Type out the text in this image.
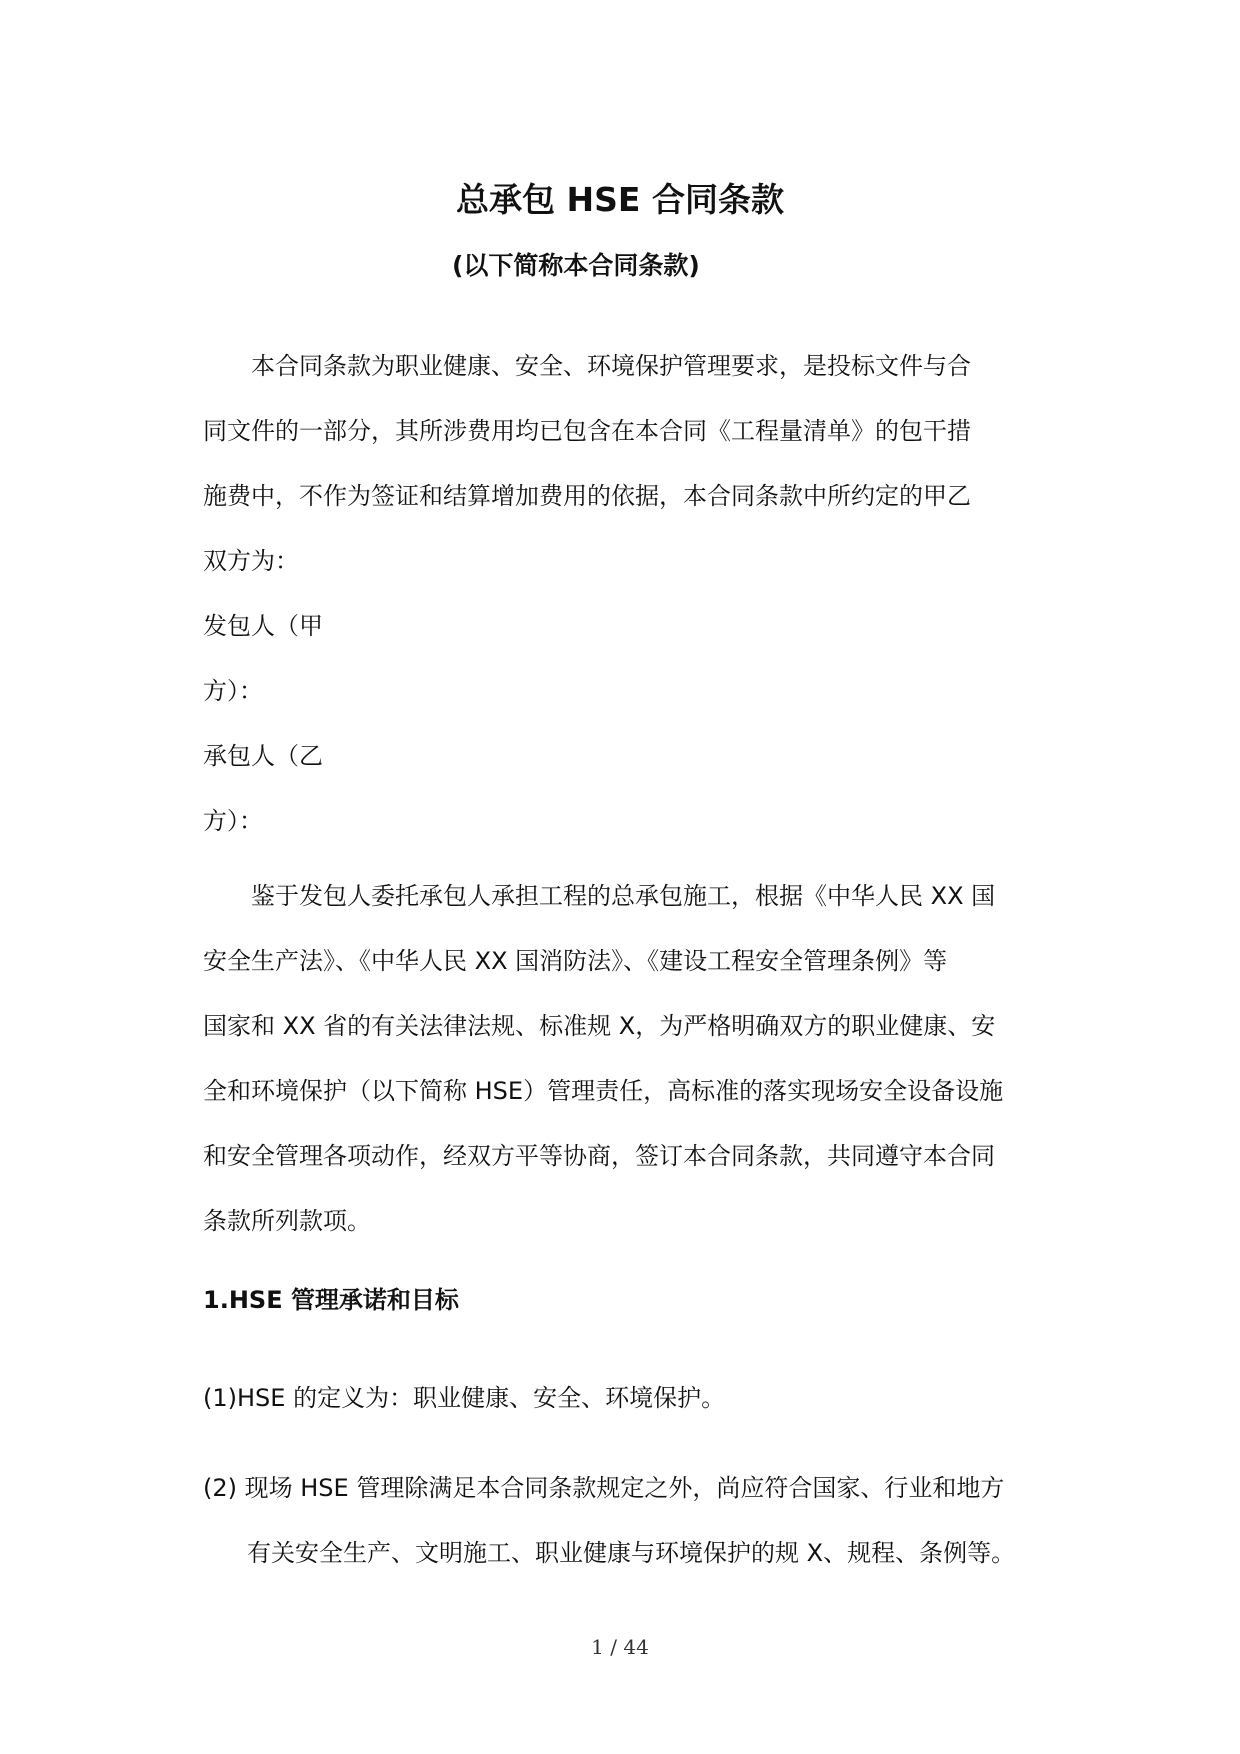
总承包 HSE 合同条款
(以下简称本合同条款)
本合同条款为职业健康、安全、环境保护管理要求，是投标文件与合
同文件的一部分，其所涉费用均已包含在本合同《工程量清单》的包干措
施费中，不作为签证和结算增加费用的依据，本合同条款中所约定的甲乙
双方为：
发包人（甲
方）：
承包人（乙
方）：
鉴于发包人委托承包人承担工程的总承包施工，根据《中华人民 XX 国
安全生产法》、《中华人民 XX 国消防法》、《建设工程安全管理条例》等
国家和 XX 省的有关法律法规、标准规 X，为严格明确双方的职业健康、安
全和环境保护（以下简称 HSE）管理责任，高标准的落实现场安全设备设施
和安全管理各项动作，经双方平等协商，签订本合同条款，共同遵守本合同
条款所列款项。
1.HSE 管理承诺和目标
(1)HSE 的定义为：职业健康、安全、环境保护。
(2) 现场 HSE 管理除满足本合同条款规定之外，尚应符合国家、行业和地方
有关安全生产、文明施工、职业健康与环境保护的规 X、规程、条例等。
1 / 44
